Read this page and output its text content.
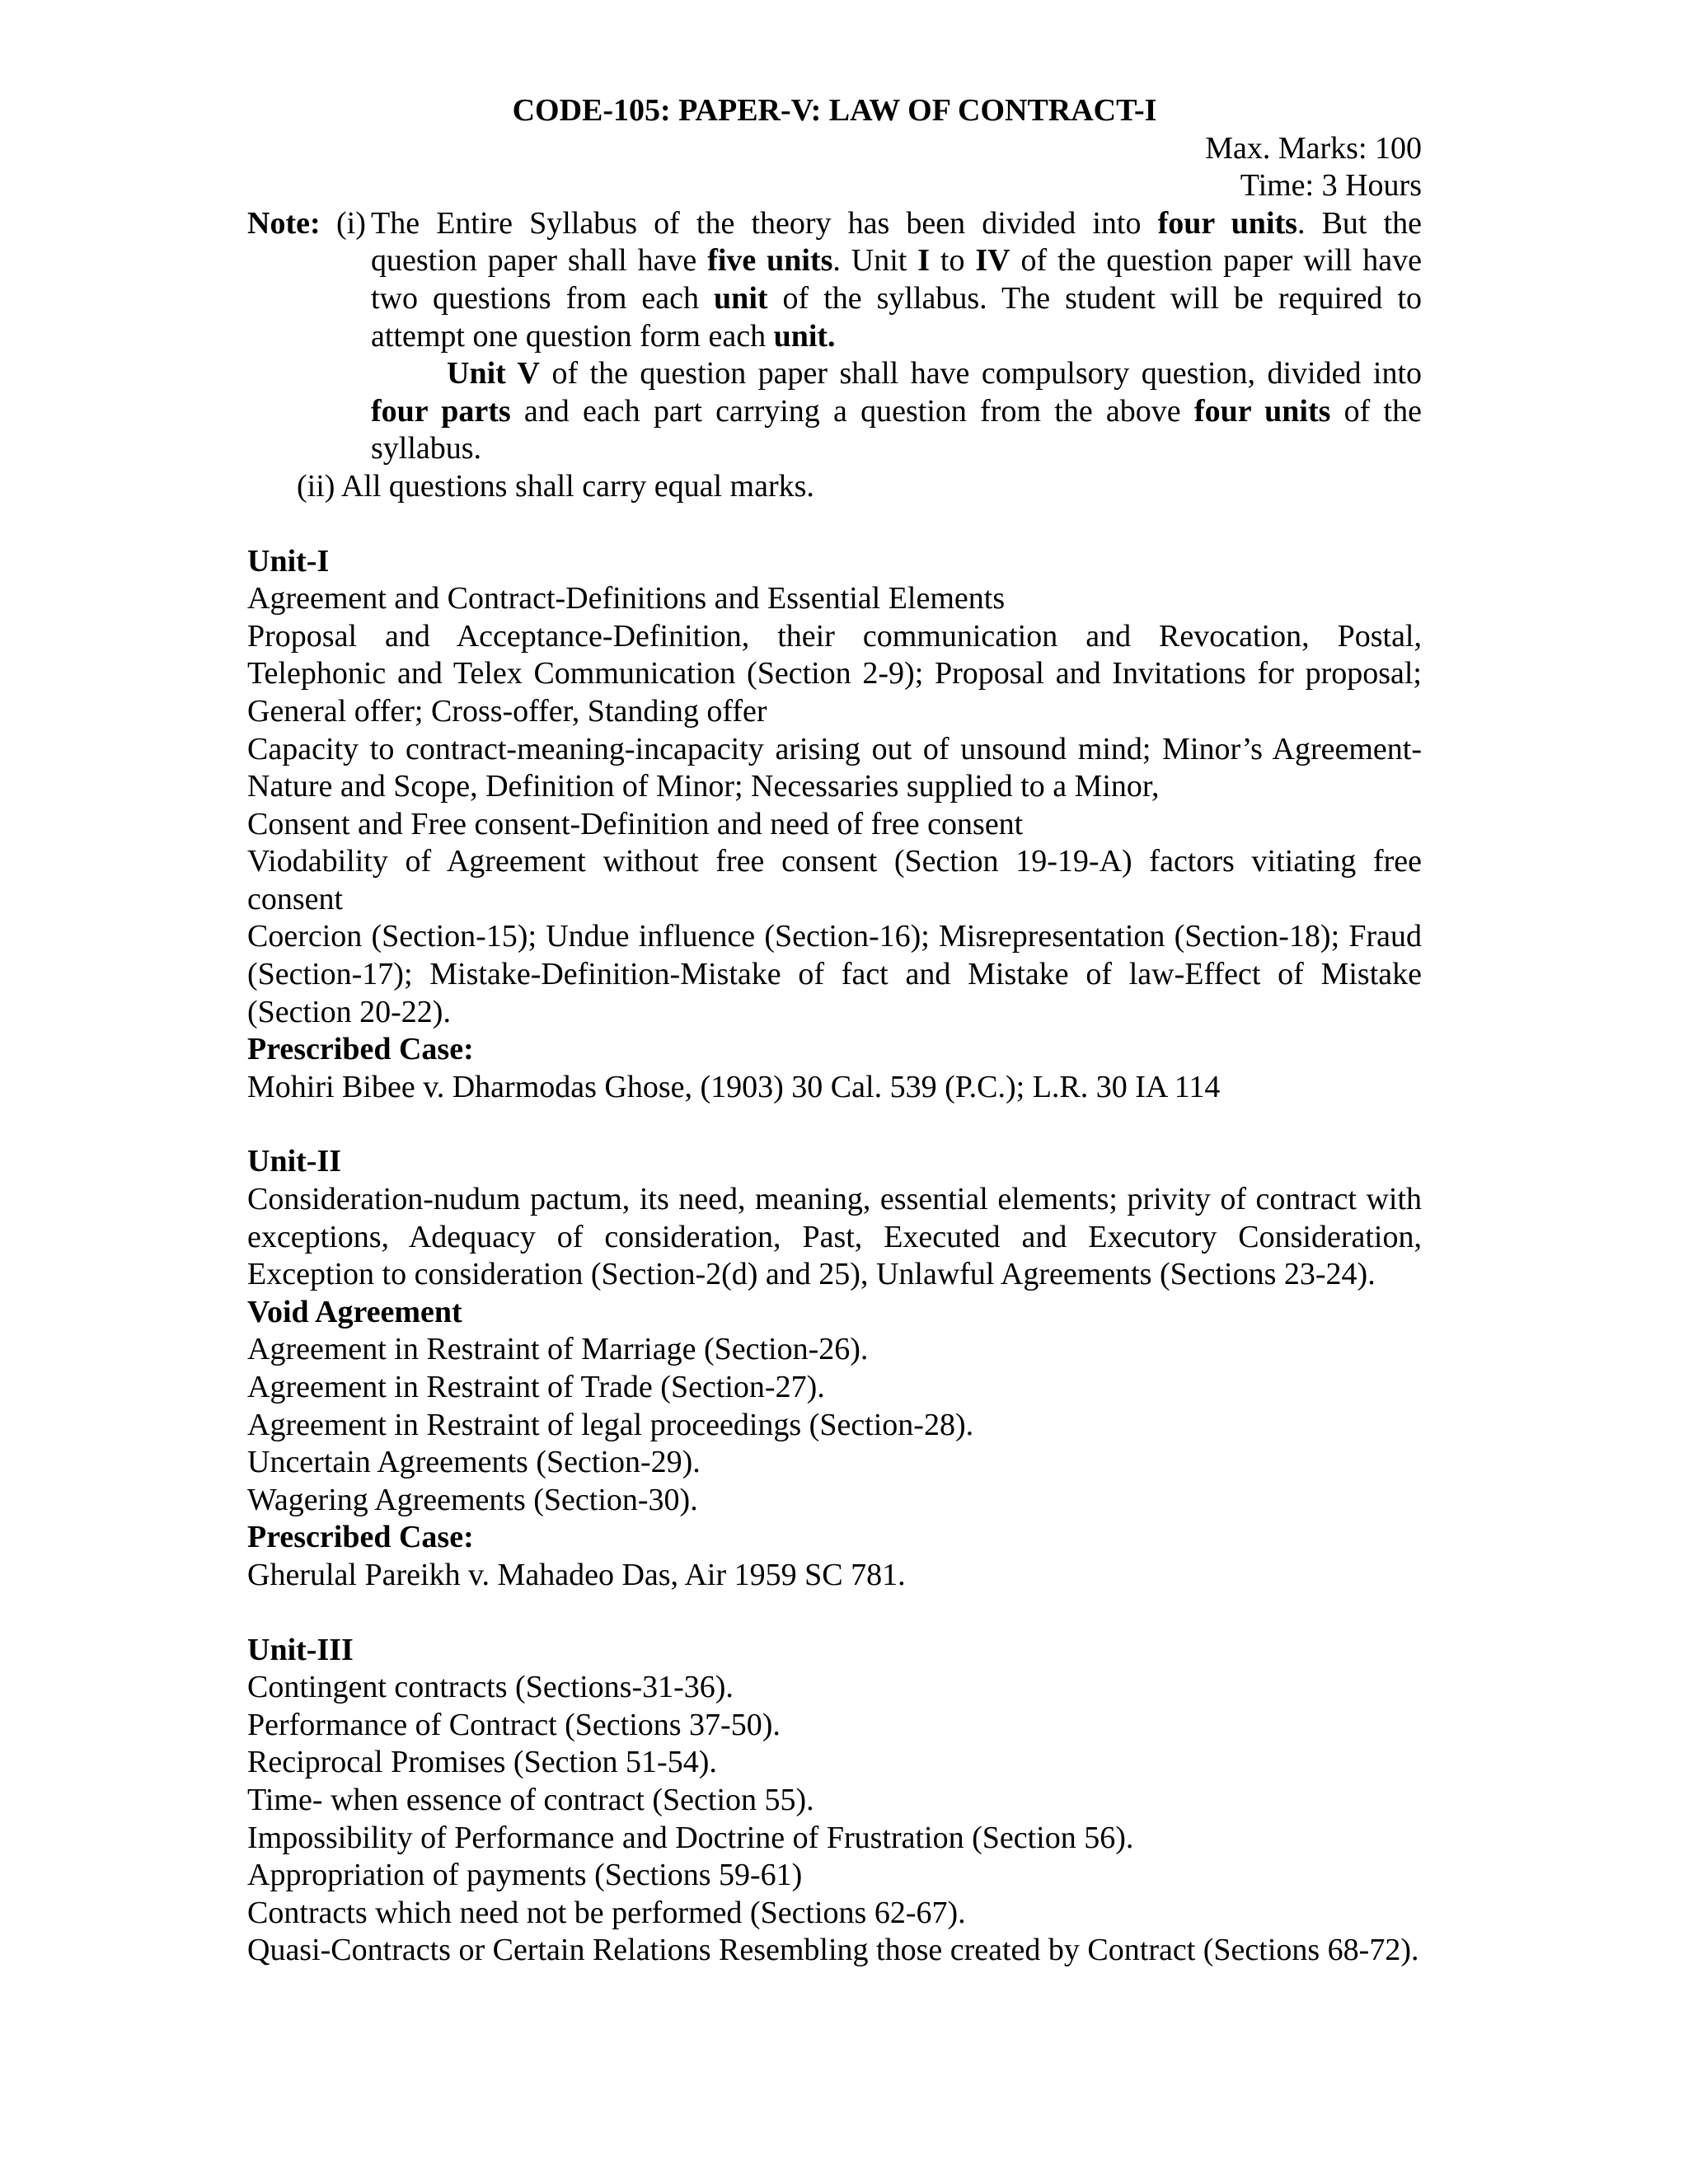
CODE-105: PAPER-V: LAW OF CONTRACT-I

Max. Marks: 100

Time: 3 Hours

Note: (i) The Entire Syllabus of the theory has been divided into four units. But the question paper shall have five units. Unit I to IV of the question paper will have two questions from each unit of the syllabus. The student will be required to attempt one question form each unit.

Unit V of the question paper shall have compulsory question, divided into four parts and each part carrying a question from the above four units of the syllabus.

(ii) All questions shall carry equal marks.

Unit-I

Agreement and Contract-Definitions and Essential Elements

Proposal and Acceptance-Definition, their communication and Revocation, Postal, Telephonic and Telex Communication (Section 2-9); Proposal and Invitations for proposal; General offer; Cross-offer, Standing offer

Capacity to contract-meaning-incapacity arising out of unsound mind; Minor’s Agreement- Nature and Scope, Definition of Minor; Necessaries supplied to a Minor,

Consent and Free consent-Definition and need of free consent

Viodability of Agreement without free consent (Section 19-19-A) factors vitiating free consent

Coercion (Section-15); Undue influence (Section-16); Misrepresentation (Section-18); Fraud (Section-17); Mistake-Definition-Mistake of fact and Mistake of law-Effect of Mistake (Section 20-22).

Prescribed Case:

Mohiri Bibee v. Dharmodas Ghose, (1903) 30 Cal. 539 (P.C.); L.R. 30 IA 114

Unit-II

Consideration-nudum pactum, its need, meaning, essential elements; privity of contract with exceptions, Adequacy of consideration, Past, Executed and Executory Consideration, Exception to consideration (Section-2(d) and 25), Unlawful Agreements (Sections 23-24).

Void Agreement

Agreement in Restraint of Marriage (Section-26).
Agreement in Restraint of Trade (Section-27).
Agreement in Restraint of legal proceedings (Section-28).
Uncertain Agreements (Section-29).
Wagering Agreements (Section-30).

Prescribed Case:

Gherulal Pareikh v. Mahadeo Das, Air 1959 SC 781.

Unit-III

Contingent contracts (Sections-31-36).
Performance of Contract (Sections 37-50).
Reciprocal Promises (Section 51-54).
Time- when essence of contract (Section 55).
Impossibility of Performance and Doctrine of Frustration (Section 56).
Appropriation of payments (Sections 59-61)
Contracts which need not be performed (Sections 62-67).
Quasi-Contracts or Certain Relations Resembling those created by Contract (Sections 68-72).
